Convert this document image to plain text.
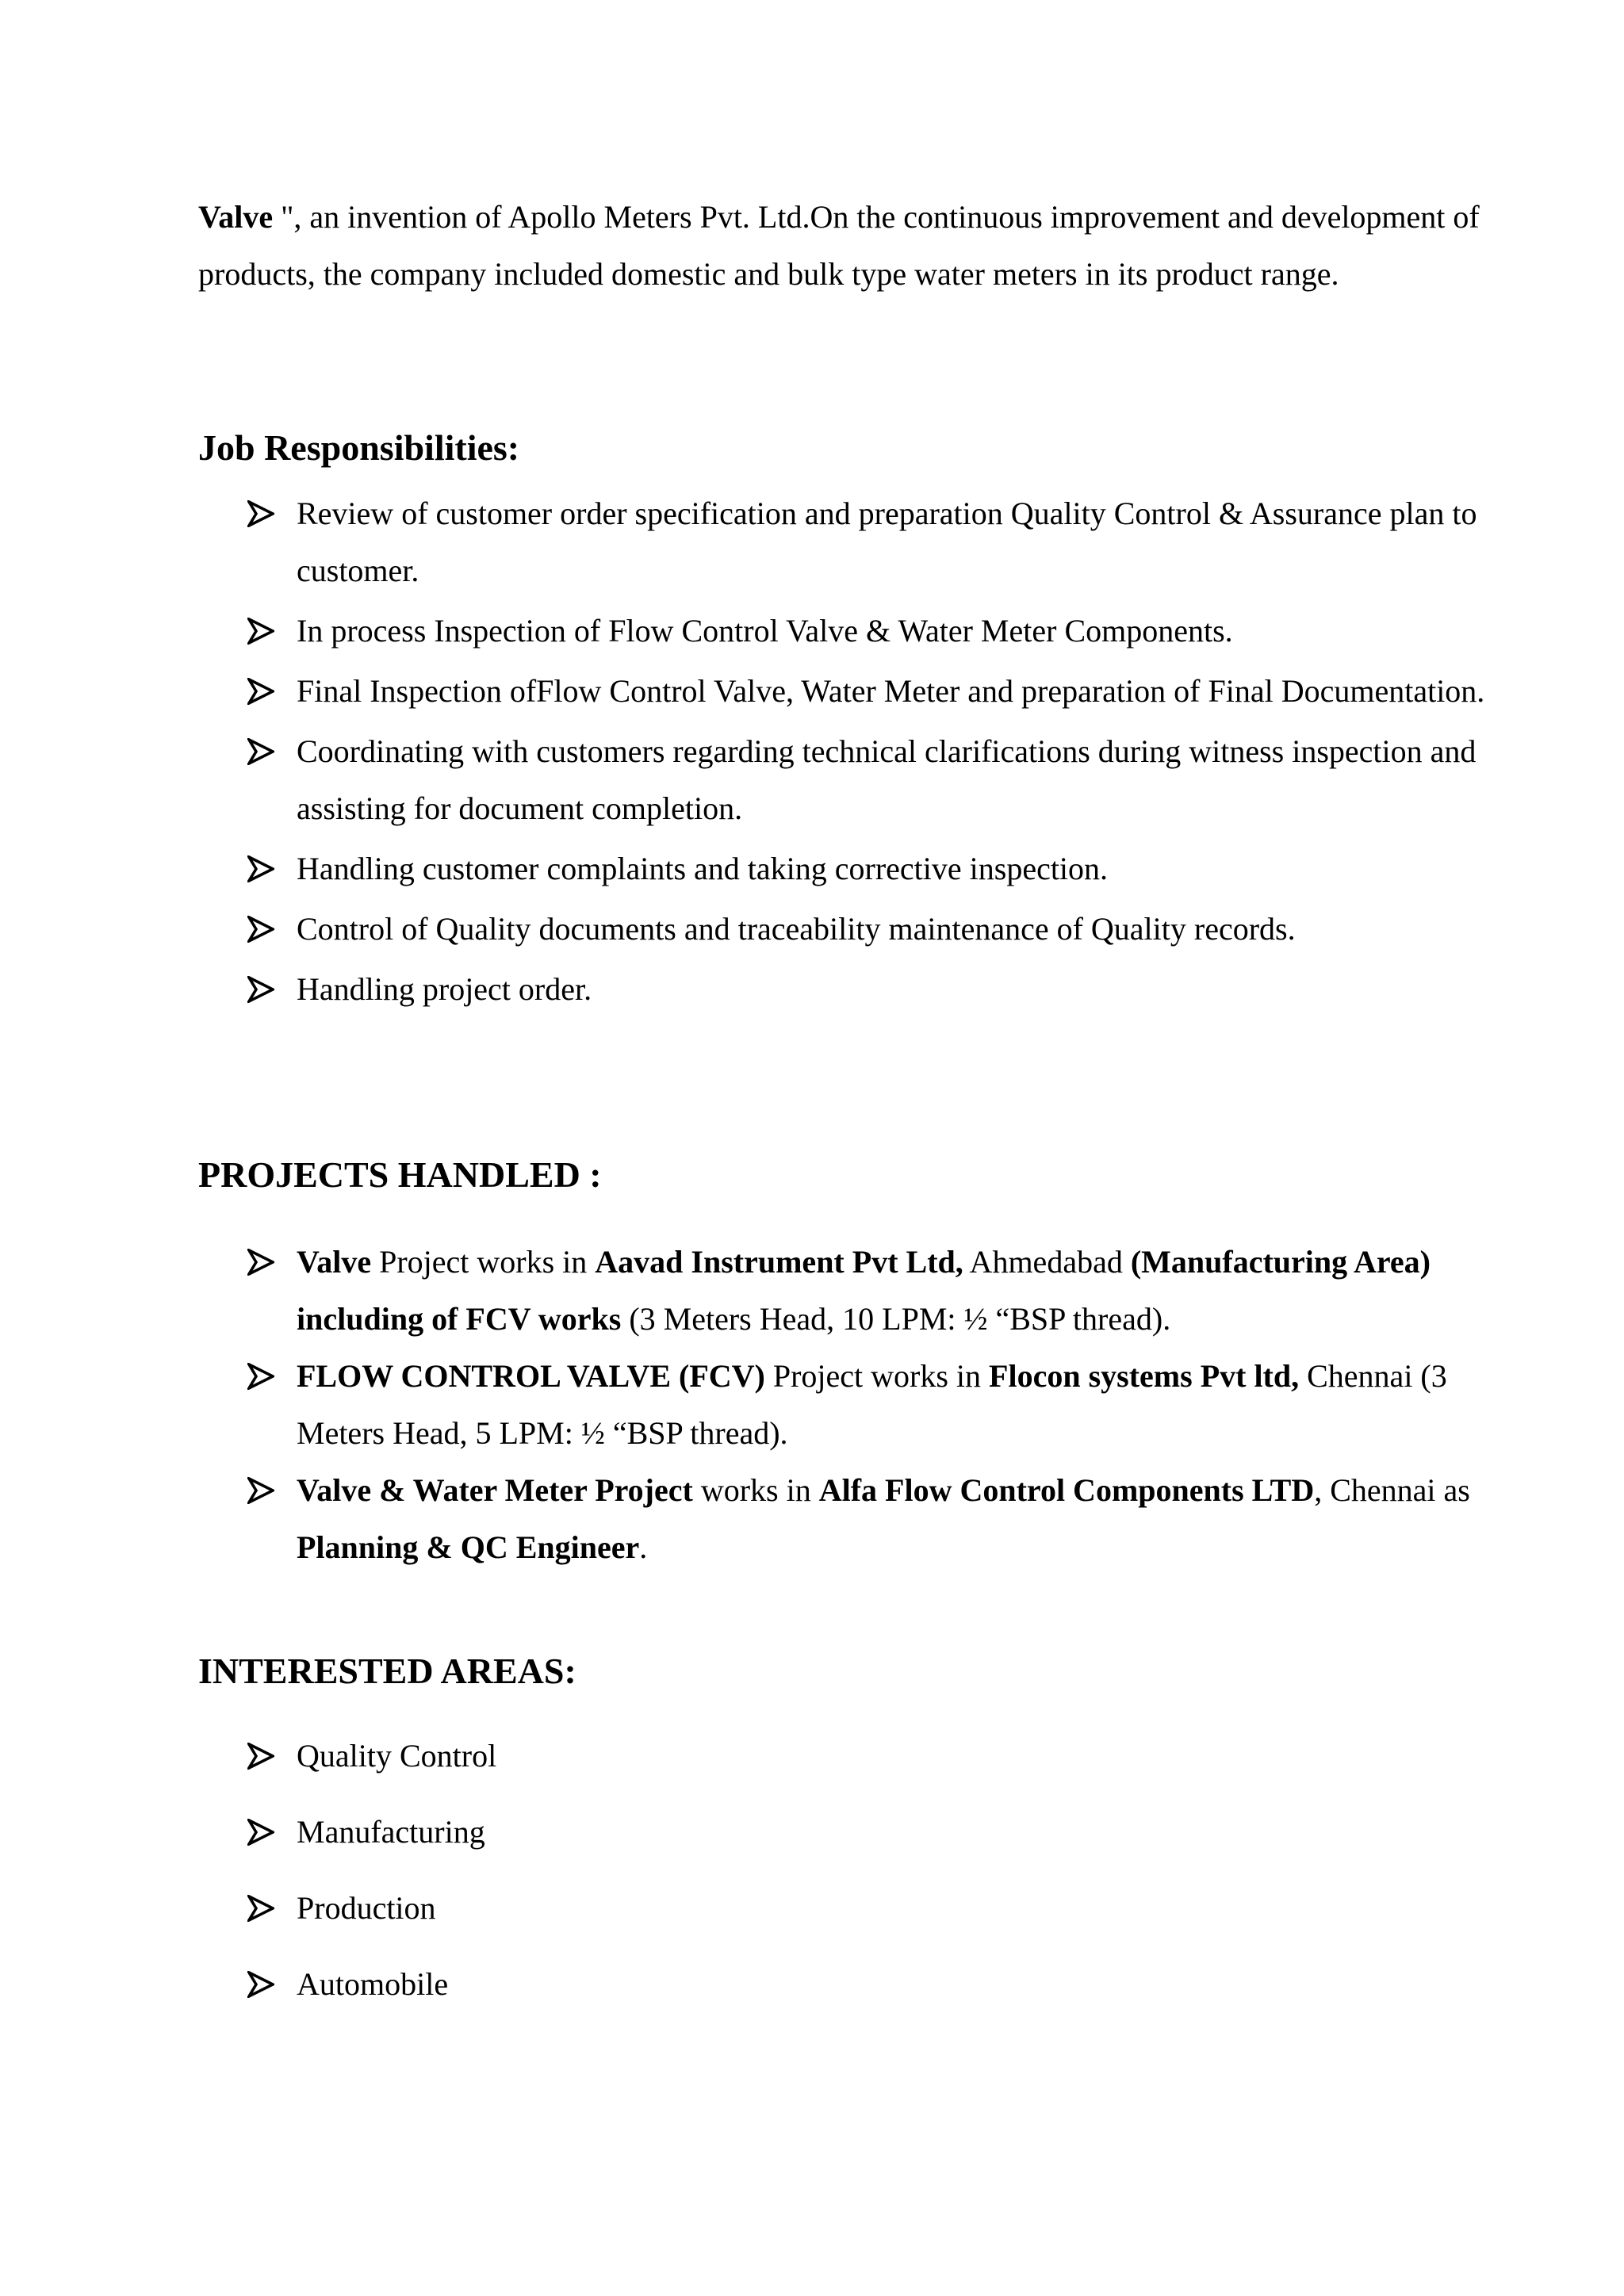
Valve ", an invention of Apollo Meters Pvt. Ltd.On the continuous improvement and development of products, the company included domestic and bulk type water meters in its product range.

Job Responsibilities:
Review of customer order specification and preparation Quality Control & Assurance plan to customer.
In process Inspection of Flow Control Valve & Water Meter Components.
Final Inspection ofFlow Control Valve, Water Meter and preparation of Final Documentation.
Coordinating with customers regarding technical clarifications during witness inspection and assisting for document completion.
Handling customer complaints and taking corrective inspection.
Control of Quality documents and traceability maintenance of Quality records.
Handling project order.
PROJECTS HANDLED :
Valve Project works in Aavad Instrument Pvt Ltd, Ahmedabad (Manufacturing Area) including of FCV works (3 Meters Head, 10 LPM: ½ “BSP thread).
FLOW CONTROL VALVE (FCV) Project works in Flocon systems Pvt ltd, Chennai (3 Meters Head, 5 LPM: ½ “BSP thread).
Valve & Water Meter Project works in Alfa Flow Control Components LTD, Chennai as Planning & QC Engineer.
INTERESTED AREAS:
Quality Control
Manufacturing
Production
Automobile
